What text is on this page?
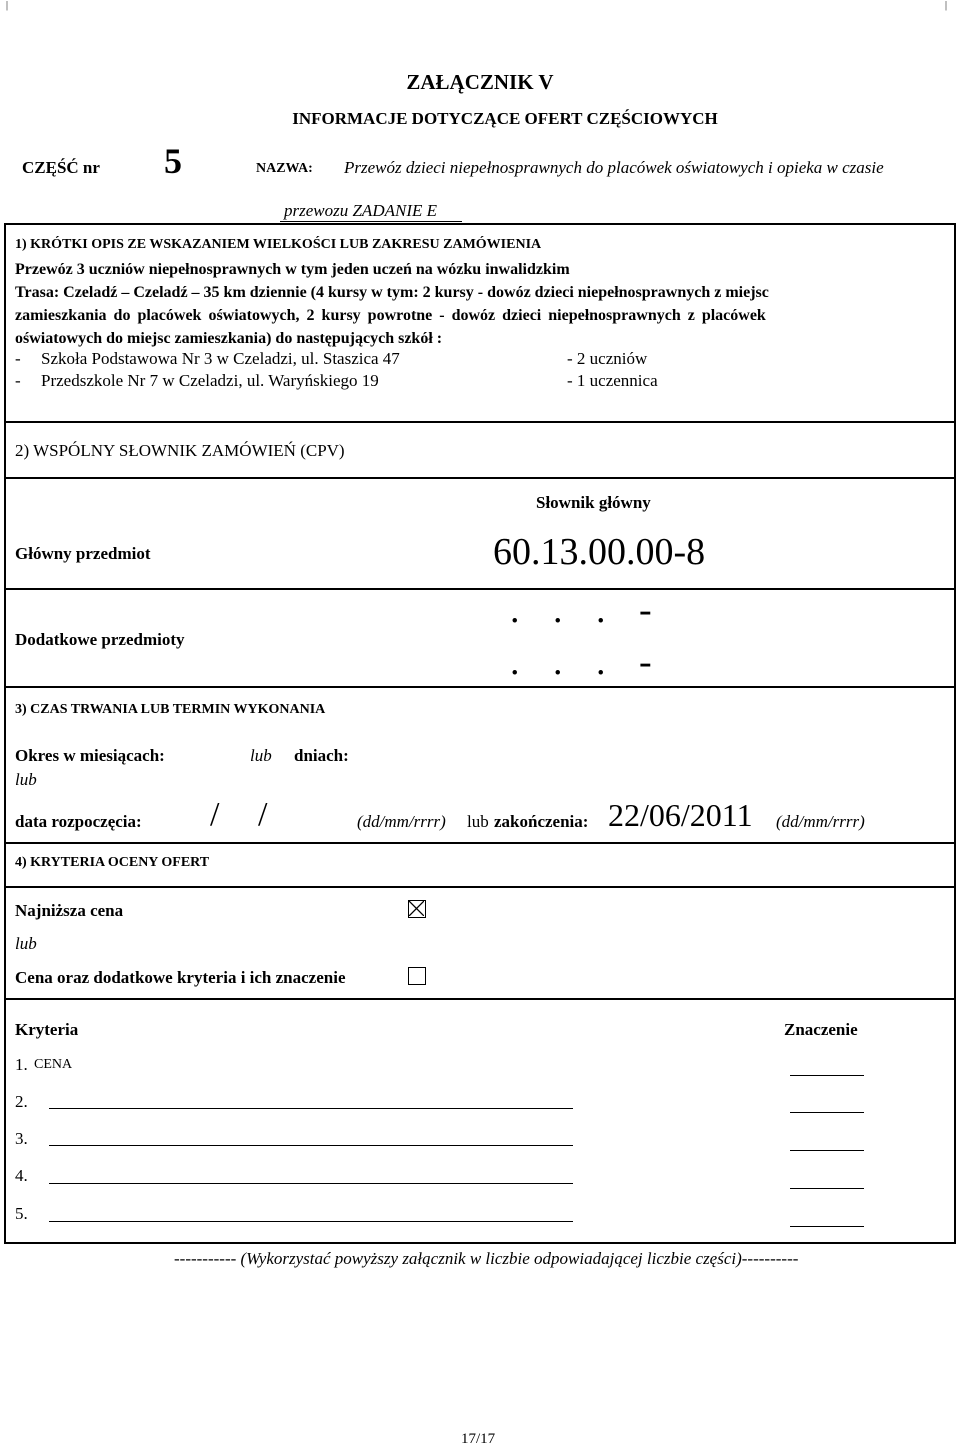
|	|
ZAŁĄCZNIK V
INFORMACJE DOTYCZĄCE OFERT CZĘŚCIOWYCH
CZĘŚĆ nr 5	NAZWA: Przewóz dzieci niepełnosprawnych do placówek oświatowych i opieka w czasie
przewozu ZADANIE E
1) KRÓTKI OPIS ZE WSKAZANIEM WIELKOŚCI LUB ZAKRESU ZAMÓWIENIA
Przewóz 3 uczniów niepełnosprawnych w tym jeden uczeń na wózku inwalidzkim
Trasa: Czeladź – Czeladź – 35 km dziennie (4 kursy w tym: 2 kursy - dowóz dzieci niepełnosprawnych z miejsc
zamieszkania do placówek oświatowych, 2 kursy powrotne - dowóz dzieci niepełnosprawnych z placówek
oświatowych do miejsc zamieszkania) do następujących szkół :
- Szkoła Podstawowa Nr 3 w Czeladzi, ul. Staszica 47	- 2 uczniów
- Przedszkole Nr 7 w Czeladzi, ul. Waryńskiego 19	- 1 uczennica
2) WSPÓLNY SŁOWNIK ZAMÓWIEŃ (CPV)
Słownik główny
Główny przedmiot	60.13.00.00-8
Dodatkowe przedmioty
. . . -
. . . -
3) CZAS TRWANIA LUB TERMIN WYKONANIA
Okres w miesiącach:	lub dniach:
lub
data rozpoczęcia: / /	(dd/mm/rrrr) lub zakończenia: 22/06/2011 (dd/mm/rrrr)
4) KRYTERIA OCENY OFERT
Najniższa cena
lub
Cena oraz dodatkowe kryteria i ich znaczenie
Kryteria	Znaczenie
1. CENA
2.
3.
4.
5.
----------- (Wykorzystać powyższy załącznik w liczbie odpowiadającej liczbie części)----------
17/17
